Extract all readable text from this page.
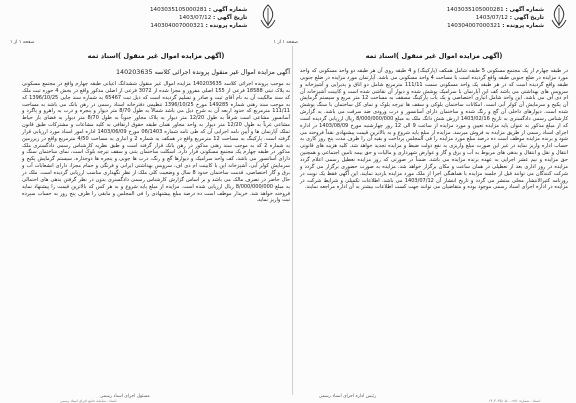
شماره آگهی : 1403035105000281
تاریخ آگهی : 1403/07/12
شماره پرونده : 140304007000321
صفحه ۱ از ۱
(آگهی مزایده اموال غیر منقول )اسناد ثمه

در طبقه چهارم از یک مجتمع مسکونی 5 طبقه شامل همکف (پارکینگ) و 4 طبقه روی آن هر طبقه دو واحد مسکونی که واحد مورد مزایده در ضلع جنوبی طبقه واقع گردیده است با مساحت 4 واحد مسکونی می باشد. آپارتمان مورد مزایده در ضلع جنوبی طبقه واقع گردیده است که در هر طبقه یک واحد مسکونی سمت 111/11 مترمربع شامل دو اتاق و پذیرایی و آشپزخانه و سرویس های بهداشتی می باشد کف این آپارتمان با سرامیک پوشش شده و دیوار آن نقاشی شده است و کابینت آشپزخانه آن ام دی اف می باشد. این واحد شامل انباری اختصاصی و یک باب پارکینگ مسقف به مساحت 12 متر مربع و سیستم گرمایش آن پکیج و سرمایش آن کولر آبی است. امکانات ساختمان بلوکی و سقف ها تیرچه بلوک و نمای کل ساختمان با سنگ پوشش شده است. دیوارهای داخلی آن گچ و رنگ شده و ساختمان دارای آسانسور و درب ورودی ضد سرقت می باشد. به گزارش کارشناس رسمی دادگستری به تاریخ 1403/02/16 ارزش شش دانگ ملک به مبلغ 8/000/000/000 ریال ارزیابی گردیده است که از مبلغ مذکور به عنوان پایه مزایده تعیین و مورد مزایده از ساعت 9 الی 12 روز چهارشنبه مورخ 1403/08/09 در اداره اجرای اسناد رسمی از طریق مزایده به فروش میرسد. مزایده از مبلغ پایه شروع و به بالاترین قیمت پیشنهادی نقداً فروخته می شود و برنده مزایده موظف است ده درصد مبلغ مورد مزایده را فی المجلس پرداخت و بقیه آن را ظرف مدت پنج روز کاری به حساب اداره واریز نماید در غیر این صورت مبلغ واریزی به نفع دولت ضبط و مزایده تجدید خواهد شد. کلیه هزینه های قانونی انتقال و نقل و انتقال و بدهی های مربوط به آب و برق و گاز و عوارض شهرداری و مالیات و حق بیمه تامین اجتماعی و همچنین حق مزایده و نیم عشر اجرایی به عهده برنده مزایده می باشد. ضمناً در صورتی که روز مزایده تعطیل رسمی اعلام گردد مزایده در روز اداری بعد از تعطیلی در همان ساعت و مکان برگزار خواهد شد. مزایده به صورت حضوری برگزار می گردد و شرکت کنندگان می توانند قبل از جلسه مزایده با هماهنگی اجرا از ملک مورد مزایده بازدید نمایند. این آگهی فقط یک نوبت در روزنامه کثیرالانتشار محلی منتشر می گردد و تاریخ انتشار آن 1403/07/12 می باشد. اطلاعات تکمیلی و شرایط شرکت در مزایده در اداره اجرای اسناد رسمی موجود بوده و متقاضیان می توانند جهت کسب اطلاعات بیشتر به آن اداره مراجعه نمایند.

شماره آگهی : 1403035105000281
تاریخ آگهی : 1403/07/12
شماره پرونده : 140304007000321
صفحه ۱ از ۱
(آگهی مزایده اموال غیر منقول )اسناد ثمه
آگهی مزایده اموال غیر منقول پرونده اجرائی کلاسه 140203635

به موجب پرونده اجرائی کلاسه 140203635 مزایده اموال غیر منقول ششدانگ اعیانی طبقه چهارم واقع در مجتمع مسکونی به پلاک ثبتی 18588 فرعی از 155 اصلی مفروز و مجزا شده از 3072 فرعی از اصلی مذکور واقع در بخش 4 حوزه ثبت ملک که سند مالکیت آن به نام آقای ثبت و صادر و تسلیم گردیده است که ذیل ثبت 65467 به شماره سند چاپی 1396/10/25 که به موجب سند رهنی شماره 149285 مورخ 1396/10/25 تنظیمی دفترخانه اسناد رسمی در رهن بانک می باشد به مساحت 111/11 مترمربع که حدود اربعه آن به شرح ذیل می باشد شمالاً به طول 8/70 متر دیوار و پنجره و درب به راهرو و پاگرد و آسانسور مشاعی است شرقاً به طول 12/20 متر دیوار به پلاک مجاور جنوباً به طول 8/70 متر دیوار به فضای باز حیاط مشاعی غرباً به طول 12/20 متر دیوار به واحد مجاور همان طبقه حقوق ارتفاقی به کلیه مشاعات و مشترکات طبق قانون تملک آپارتمان ها و آیین نامه اجرایی آن که طی نامه شماره 06/1403 مورخ 1403/06/09 اداره امور اسناد مورد ارزیابی قرار گرفته است. پارکینگ به مساحت 12 مترمربع واقع در همکف به شماره 2 و انباری به مساحت 4/50 مترمربع واقع در زیرزمین به شماره 2 که به موجب سند رهنی مذکور در رهن بانک قرار گرفته است و طبق نظریه کارشناس رسمی دادگستری ملک مذکور در طبقه چهارم یک مجتمع مسکونی قرار دارد. اسکلت ساختمان بتنی و سقف تیرچه بلوک است، نمای ساختمان سنگ و دارای آسانسور می باشد، کف واحد سرامیک و دیوارها گچ و رنگ، درب ها چوبی و پنجره ها دوجداره، سیستم گرمایش پکیج و سرمایش کولر آبی، آشپزخانه اپن با کابینت ام دی اف، سرویس بهداشتی ایرانی و فرنگی و حمام مجزا، دارای انشعابات آب و برق و گاز اختصاصی، قدمت ساختمان حدود 8 سال و وضعیت کلی ملک از نظر نگهداری مناسب ارزیابی گردیده است. ملک در حال حاضر در تصرف مالک می باشد و بر اساس گزارش کارشناس رسمی دادگستری بدون در نظر گرفتن بدهی های احتمالی به مبلغ 8/000/000/000 ریال ارزیابی شده است. مزایده از مبلغ پایه شروع و به هر کس که بالاترین قیمت را پیشنهاد نماید فروخته خواهد شد. خریدار موظف است ده درصد مبلغ پیشنهادی را فی المجلس و مابقی را ظرف پنج روز به حساب سپرده ثبت واریز نماید.

رئیس اداره اجرای اسناد رسمی
مسئول اجرای اسناد رسمی
اسناد - شماره: ۱۴۰۳۰۳۵۱۰۵۰۰۰۲۸۱
اسناد - سامانه جامع اجرای اسناد رسمی
